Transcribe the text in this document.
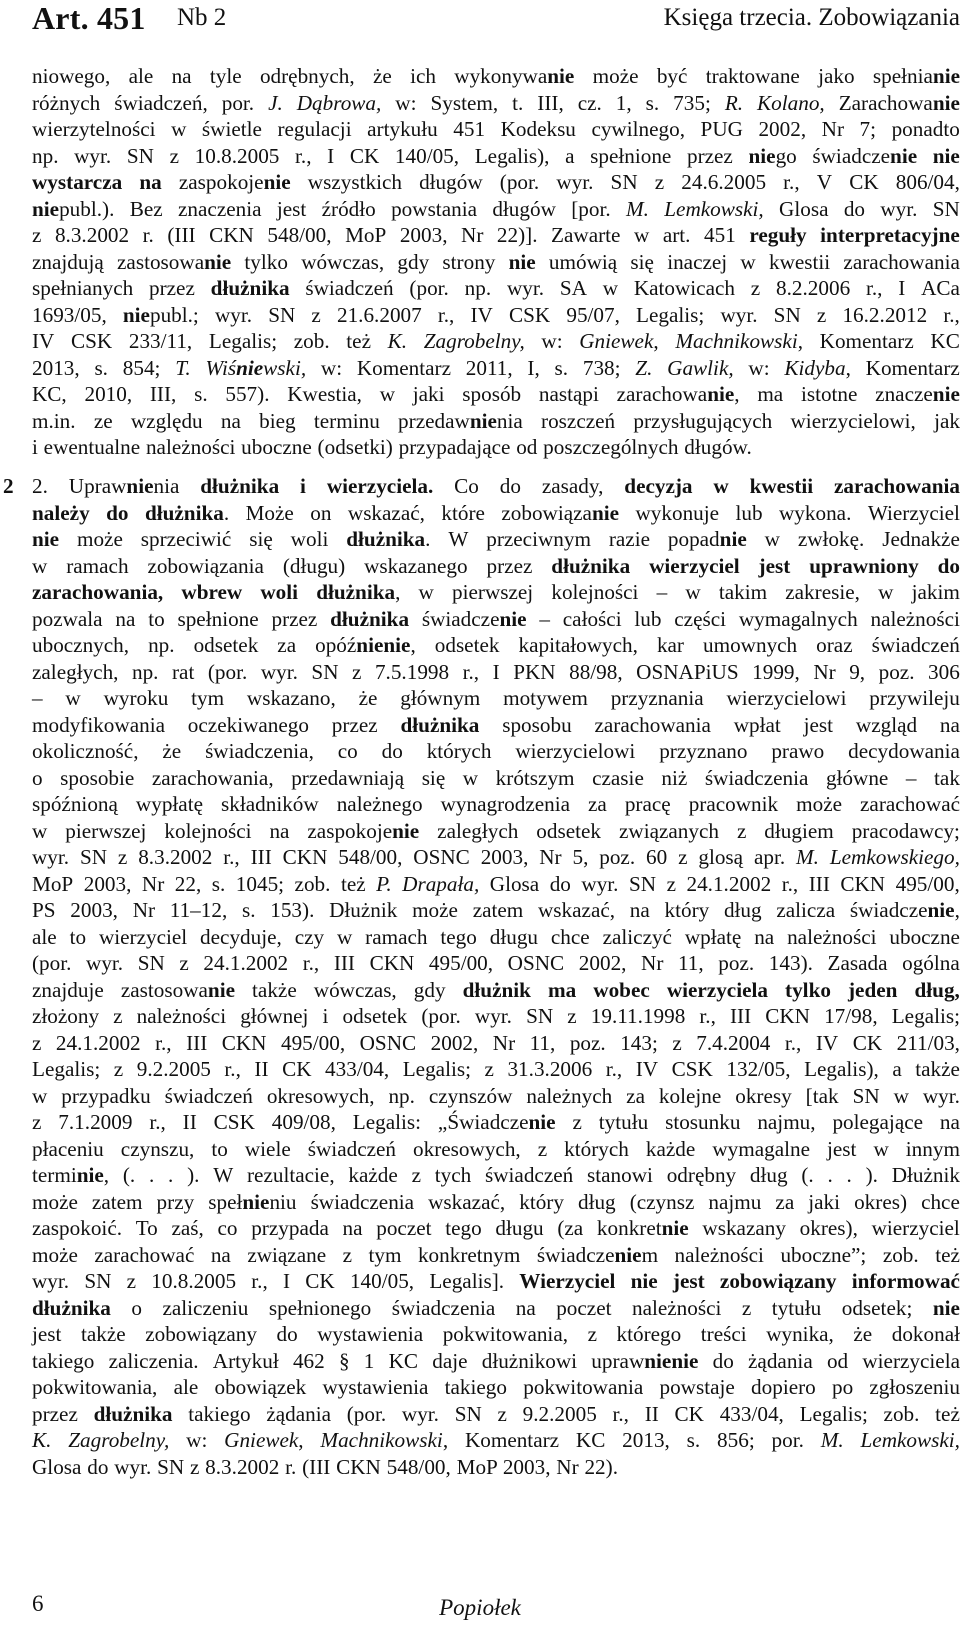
Art. 451 Nb 2	Księga trzecia. Zobowiązania
niowego, ale na tyle odrębnych, że ich wykonywanie może być traktowane jako spełnianie
różnych świadczeń, por. J. Dąbrowa, w: System, t. III, cz. 1, s. 735; R. Kolano, Zarachowanie
wierzytelności w świetle regulacji artykułu 451 Kodeksu cywilnego, PUG 2002, Nr 7; ponadto
np. wyr. SN z 10.8.2005 r., I CK 140/05, Legalis), a spełnione przez niego świadczenie nie
wystarcza na zaspokojenie wszystkich długów (por. wyr. SN z 24.6.2005 r., V CK 806/04,
niepubl.). Bez znaczenia jest źródło powstania długów [por. M. Lemkowski, Glosa do wyr. SN
z 8.3.2002 r. (III CKN 548/00, MoP 2003, Nr 22)]. Zawarte w art. 451 reguły interpretacyjne
znajdują zastosowanie tylko wówczas, gdy strony nie umówią się inaczej w kwestii zarachowania
spełnianych przez dłużnika świadczeń (por. np. wyr. SA w Katowicach z 8.2.2006 r., I ACa
1693/05, niepubl.; wyr. SN z 21.6.2007 r., IV CSK 95/07, Legalis; wyr. SN z 16.2.2012 r.,
IV CSK 233/11, Legalis; zob. też K. Zagrobelny, w: Gniewek, Machnikowski, Komentarz KC
2013, s. 854; T. Wiśniewski, w: Komentarz 2011, I, s. 738; Z. Gawlik, w: Kidyba, Komentarz
KC, 2010, III, s. 557). Kwestia, w jaki sposób nastąpi zarachowanie, ma istotne znaczenie
m.in. ze względu na bieg terminu przedawnienia roszczeń przysługujących wierzycielowi, jak
i ewentualne należności uboczne (odsetki) przypadające od poszczególnych długów.
2 2. Uprawnienia dłużnika i wierzyciela. Co do zasady, decyzja w kwestii zarachowania
należy do dłużnika. Może on wskazać, które zobowiązanie wykonuje lub wykona. Wierzyciel
nie może sprzeciwić się woli dłużnika. W przeciwnym razie popadnie w zwłokę. Jednakże
w ramach zobowiązania (długu) wskazanego przez dłużnika wierzyciel jest uprawniony do
zarachowania, wbrew woli dłużnika, w pierwszej kolejności – w takim zakresie, w jakim
pozwala na to spełnione przez dłużnika świadczenie – całości lub części wymagalnych należności
ubocznych, np. odsetek za opóźnienie, odsetek kapitałowych, kar umownych oraz świadczeń
zaległych, np. rat (por. wyr. SN z 7.5.1998 r., I PKN 88/98, OSNAPiUS 1999, Nr 9, poz. 306
– w wyroku tym wskazano, że głównym motywem przyznania wierzycielowi przywileju
modyfikowania oczekiwanego przez dłużnika sposobu zarachowania wpłat jest wzgląd na
okoliczność, że świadczenia, co do których wierzycielowi przyznano prawo decydowania
o sposobie zarachowania, przedawniają się w krótszym czasie niż świadczenia główne – tak
spóźnioną wypłatę składników należnego wynagrodzenia za pracę pracownik może zarachować
w pierwszej kolejności na zaspokojenie zaległych odsetek związanych z długiem pracodawcy;
wyr. SN z 8.3.2002 r., III CKN 548/00, OSNC 2003, Nr 5, poz. 60 z glosą apr. M. Lemkowskiego,
MoP 2003, Nr 22, s. 1045; zob. też P. Drapała, Glosa do wyr. SN z 24.1.2002 r., III CKN 495/00,
PS 2003, Nr 11–12, s. 153). Dłużnik może zatem wskazać, na który dług zalicza świadczenie,
ale to wierzyciel decyduje, czy w ramach tego długu chce zaliczyć wpłatę na należności uboczne
(por. wyr. SN z 24.1.2002 r., III CKN 495/00, OSNC 2002, Nr 11, poz. 143). Zasada ogólna
znajduje zastosowanie także wówczas, gdy dłużnik ma wobec wierzyciela tylko jeden dług,
złożony z należności głównej i odsetek (por. wyr. SN z 19.11.1998 r., III CKN 17/98, Legalis;
z 24.1.2002 r., III CKN 495/00, OSNC 2002, Nr 11, poz. 143; z 7.4.2004 r., IV CK 211/03,
Legalis; z 9.2.2005 r., II CK 433/04, Legalis; z 31.3.2006 r., IV CSK 132/05, Legalis), a także
w przypadku świadczeń okresowych, np. czynszów należnych za kolejne okresy [tak SN w wyr.
z 7.1.2009 r., II CSK 409/08, Legalis: „Świadczenie z tytułu stosunku najmu, polegające na
płaceniu czynszu, to wiele świadczeń okresowych, z których każde wymagalne jest w innym
terminie, (. . . ). W rezultacie, każde z tych świadczeń stanowi odrębny dług (. . . ). Dłużnik
może zatem przy spełnieniu świadczenia wskazać, który dług (czynsz najmu za jaki okres) chce
zaspokoić. To zaś, co przypada na poczet tego długu (za konkretnie wskazany okres), wierzyciel
może zarachować na związane z tym konkretnym świadczeniem należności uboczne”; zob. też
wyr. SN z 10.8.2005 r., I CK 140/05, Legalis]. Wierzyciel nie jest zobowiązany informować
dłużnika o zaliczeniu spełnionego świadczenia na poczet należności z tytułu odsetek; nie
jest także zobowiązany do wystawienia pokwitowania, z którego treści wynika, że dokonał
takiego zaliczenia. Artykuł 462 § 1 KC daje dłużnikowi uprawnienie do żądania od wierzyciela
pokwitowania, ale obowiązek wystawienia takiego pokwitowania powstaje dopiero po zgłoszeniu
przez dłużnika takiego żądania (por. wyr. SN z 9.2.2005 r., II CK 433/04, Legalis; zob. też
K. Zagrobelny, w: Gniewek, Machnikowski, Komentarz KC 2013, s. 856; por. M. Lemkowski,
Glosa do wyr. SN z 8.3.2002 r. (III CKN 548/00, MoP 2003, Nr 22).
6	Popiołek
